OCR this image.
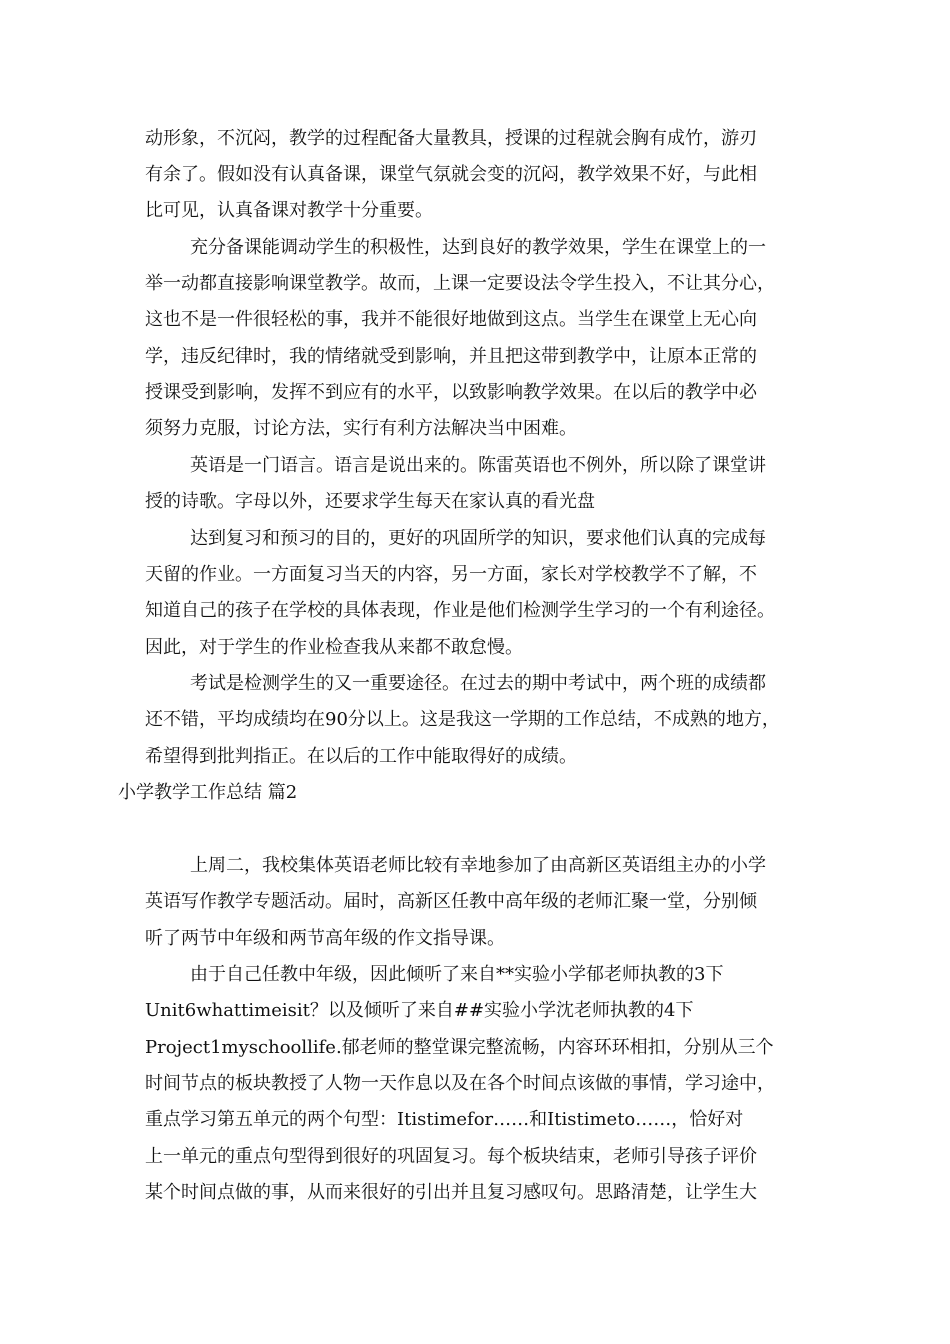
动形象，不沉闷，教学的过程配备大量教具，授课的过程就会胸有成竹，游刃
有余了。假如没有认真备课，课堂气氛就会变的沉闷，教学效果不好，与此相
比可见，认真备课对教学十分重要。
充分备课能调动学生的积极性，达到良好的教学效果，学生在课堂上的一
举一动都直接影响课堂教学。故而，上课一定要设法令学生投入，不让其分心，
这也不是一件很轻松的事，我并不能很好地做到这点。当学生在课堂上无心向
学，违反纪律时，我的情绪就受到影响，并且把这带到教学中，让原本正常的
授课受到影响，发挥不到应有的水平，以致影响教学效果。在以后的教学中必
须努力克服，讨论方法，实行有利方法解决当中困难。
英语是一门语言。语言是说出来的。陈雷英语也不例外，所以除了课堂讲
授的诗歌。字母以外，还要求学生每天在家认真的看光盘
达到复习和预习的目的，更好的巩固所学的知识，要求他们认真的完成每
天留的作业。一方面复习当天的内容，另一方面，家长对学校教学不了解，不
知道自己的孩子在学校的具体表现，作业是他们检测学生学习的一个有利途径。
因此，对于学生的作业检查我从来都不敢怠慢。
考试是检测学生的又一重要途径。在过去的期中考试中，两个班的成绩都
还不错，平均成绩均在90分以上。这是我这一学期的工作总结，不成熟的地方，
希望得到批判指正。在以后的工作中能取得好的成绩。
小学教学工作总结 篇2
上周二，我校集体英语老师比较有幸地参加了由高新区英语组主办的小学
英语写作教学专题活动。届时，高新区任教中高年级的老师汇聚一堂，分别倾
听了两节中年级和两节高年级的作文指导课。
由于自己任教中年级，因此倾听了来自**实验小学郁老师执教的3下
Unit6whattimeisit？以及倾听了来自##实验小学沈老师执教的4下
Project1myschoollife.郁老师的整堂课完整流畅，内容环环相扣，分别从三个
时间节点的板块教授了人物一天作息以及在各个时间点该做的事情，学习途中，
重点学习第五单元的两个句型：Itistimefor……和Itistimeto……，恰好对
上一单元的重点句型得到很好的巩固复习。每个板块结束，老师引导孩子评价
某个时间点做的事，从而来很好的引出并且复习感叹句。思路清楚，让学生大
